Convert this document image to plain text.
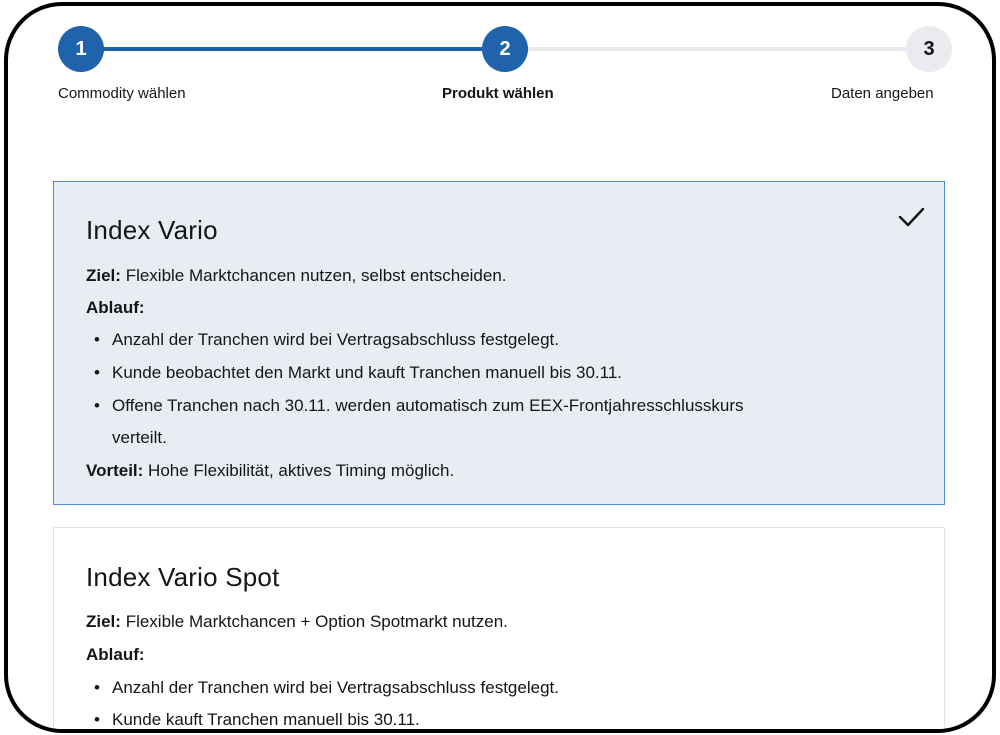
1	2	3
Commodity wählen	Produkt wählen	Daten angeben
Index Vario
Ziel: Flexible Marktchancen nutzen, selbst entscheiden.
Ablauf:
• Anzahl der Tranchen wird bei Vertragsabschluss festgelegt.
• Kunde beobachtet den Markt und kauft Tranchen manuell bis 30.11.
• Offene Tranchen nach 30.11. werden automatisch zum EEX-Frontjahresschlusskurs
verteilt.
Vorteil: Hohe Flexibilität, aktives Timing möglich.
Index Vario Spot
Ziel: Flexible Marktchancen + Option Spotmarkt nutzen.
Ablauf:
• Anzahl der Tranchen wird bei Vertragsabschluss festgelegt.
• Kunde kauft Tranchen manuell bis 30.11.
